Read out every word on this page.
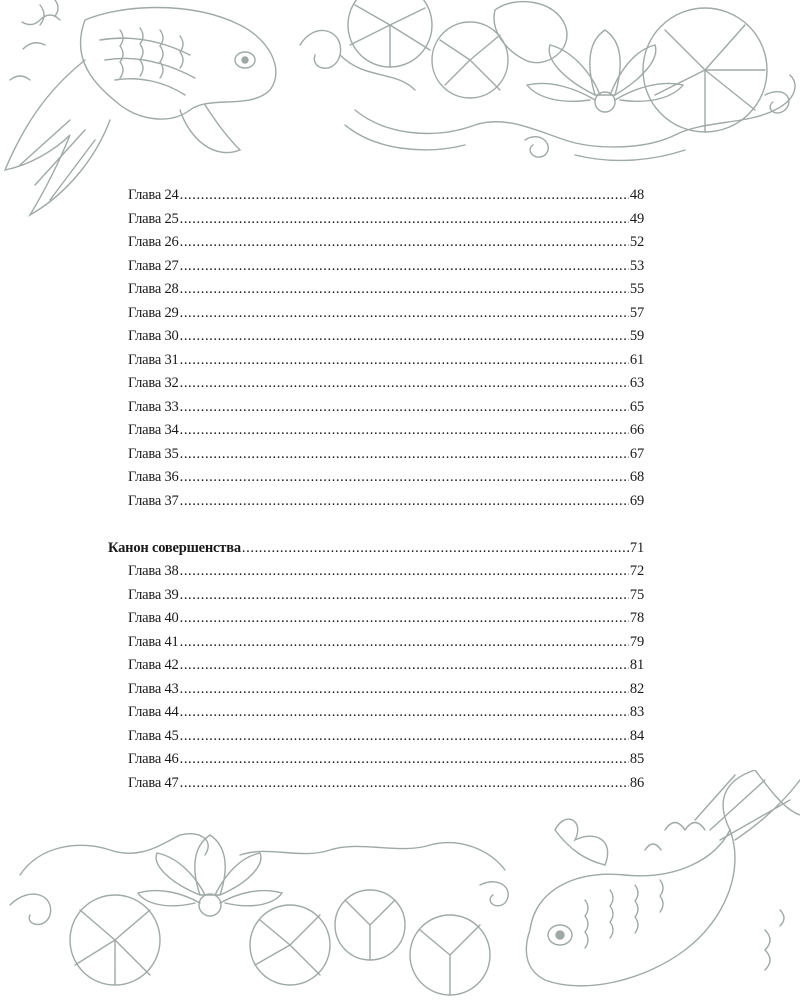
Глава 24 .....	48
Глава 25 .....	49
Глава 26 .....	52
Глава 27 .....	53
Глава 28 .....	55
Глава 29 .....	57
Глава 30 .....	59
Глава 31 .....	61
Глава 32 .....	63
Глава 33 .....	65
Глава 34 .....	66
Глава 35 .....	67
Глава 36 .....	68
Глава 37 .....	69
Канон совершенства .....	71
Глава 38 .....	72
Глава 39 .....	75
Глава 40 .....	78
Глава 41 .....	79
Глава 42 .....	81
Глава 43 .....	82
Глава 44 .....	83
Глава 45 .....	84
Глава 46 .....	85
Глава 47 .....	86
